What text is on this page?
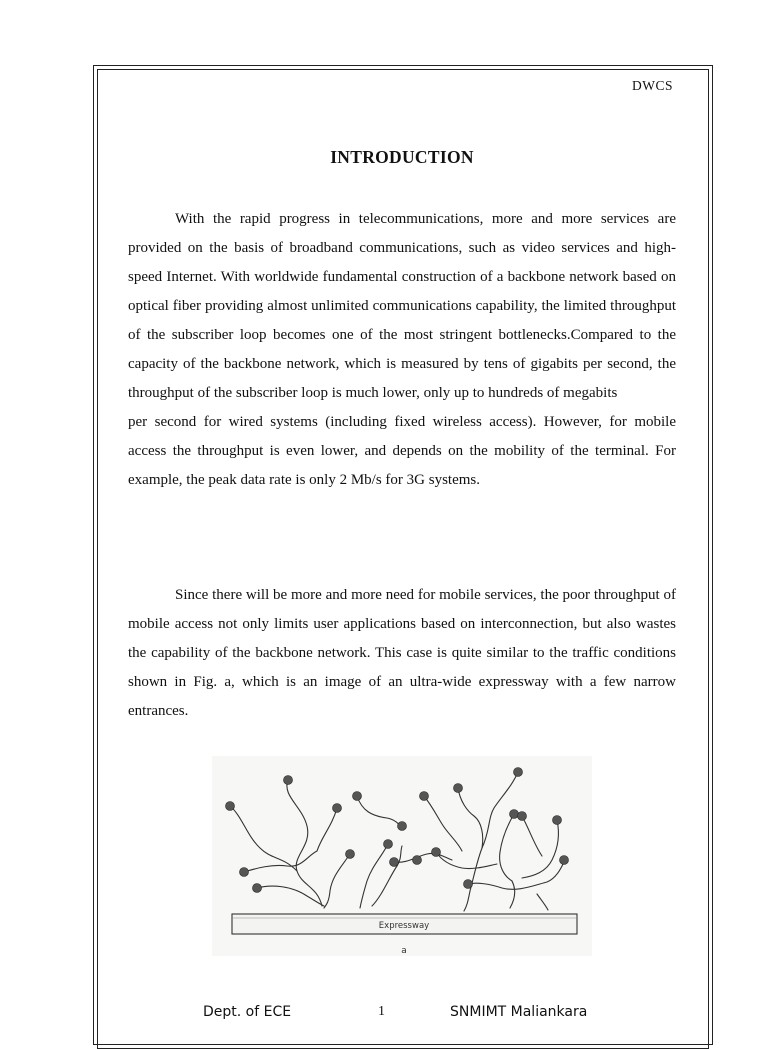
DWCS
INTRODUCTION

With the rapid progress in telecommunications, more and more services are provided on the basis of broadband communications, such as video services and high-speed Internet. With worldwide fundamental construction of a backbone network based on optical fiber providing almost unlimited communications capability, the limited throughput of the subscriber loop becomes one of the most stringent bottlenecks.Compared to the capacity of the backbone network, which is measured by tens of gigabits per second, the throughput of the subscriber loop is much lower, only up to hundreds of megabits

per second for wired systems (including fixed wireless access). However, for mobile access the throughput is even lower, and depends on the mobility of the terminal. For example, the peak data rate is only 2 Mb/s for 3G systems.

Since there will be more and more need for mobile services, the poor throughput of mobile access not only limits user applications based on interconnection, but also wastes the capability of the backbone network. This case is quite similar to the traffic conditions shown in Fig. a, which is an image of an ultra-wide expressway with a few narrow entrances.

Expressway
a
Dept. of ECE	1	SNMIMT Maliankara
